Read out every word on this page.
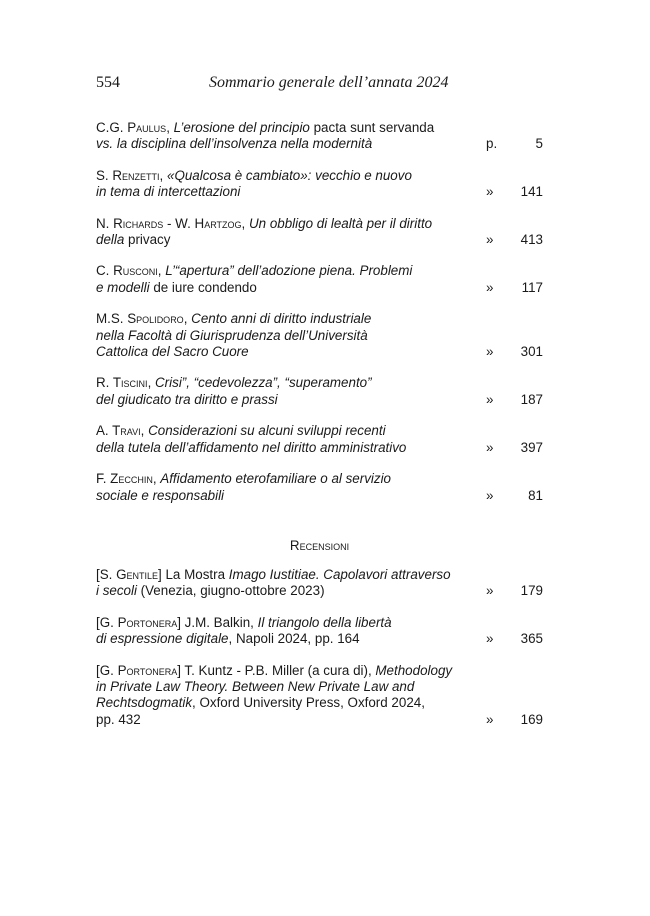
554	Sommario generale dell’annata 2024
C.G. Paulus, L’erosione del principio pacta sunt servanda
vs. la disciplina dell’insolvenza nella modernità	p.	5
S. Renzetti, «Qualcosa è cambiato»: vecchio e nuovo
in tema di intercettazioni	» 141
N. Richards - W. Hartzog, Un obbligo di lealtà per il diritto
della privacy	» 413
C. Rusconi, L’“apertura” dell’adozione piena. Problemi
e modelli de iure condendo	» 117
M.S. Spolidoro, Cento anni di diritto industriale
nella Facoltà di Giurisprudenza dell’Università
Cattolica del Sacro Cuore	» 301
R. Tiscini, Crisi”, “cedevolezza”, “superamento”
del giudicato tra diritto e prassi	» 187
A. Travi, Considerazioni su alcuni sviluppi recenti
della tutela dell’affidamento nel diritto amministrativo	» 397
F. Zecchin, Affidamento eterofamiliare o al servizio
sociale e responsabili	»	81
Recensioni
[S. Gentile] La Mostra Imago Iustitiae. Capolavori attraverso
i secoli (Venezia, giugno-ottobre 2023)	» 179
[G. Portonera] J.M. Balkin, Il triangolo della libertà
di espressione digitale, Napoli 2024, pp. 164	» 365
[G. Portonera] T. Kuntz - P.B. Miller (a cura di), Methodology
in Private Law Theory. Between New Private Law and
Rechtsdogmatik, Oxford University Press, Oxford 2024,
pp. 432	» 169
